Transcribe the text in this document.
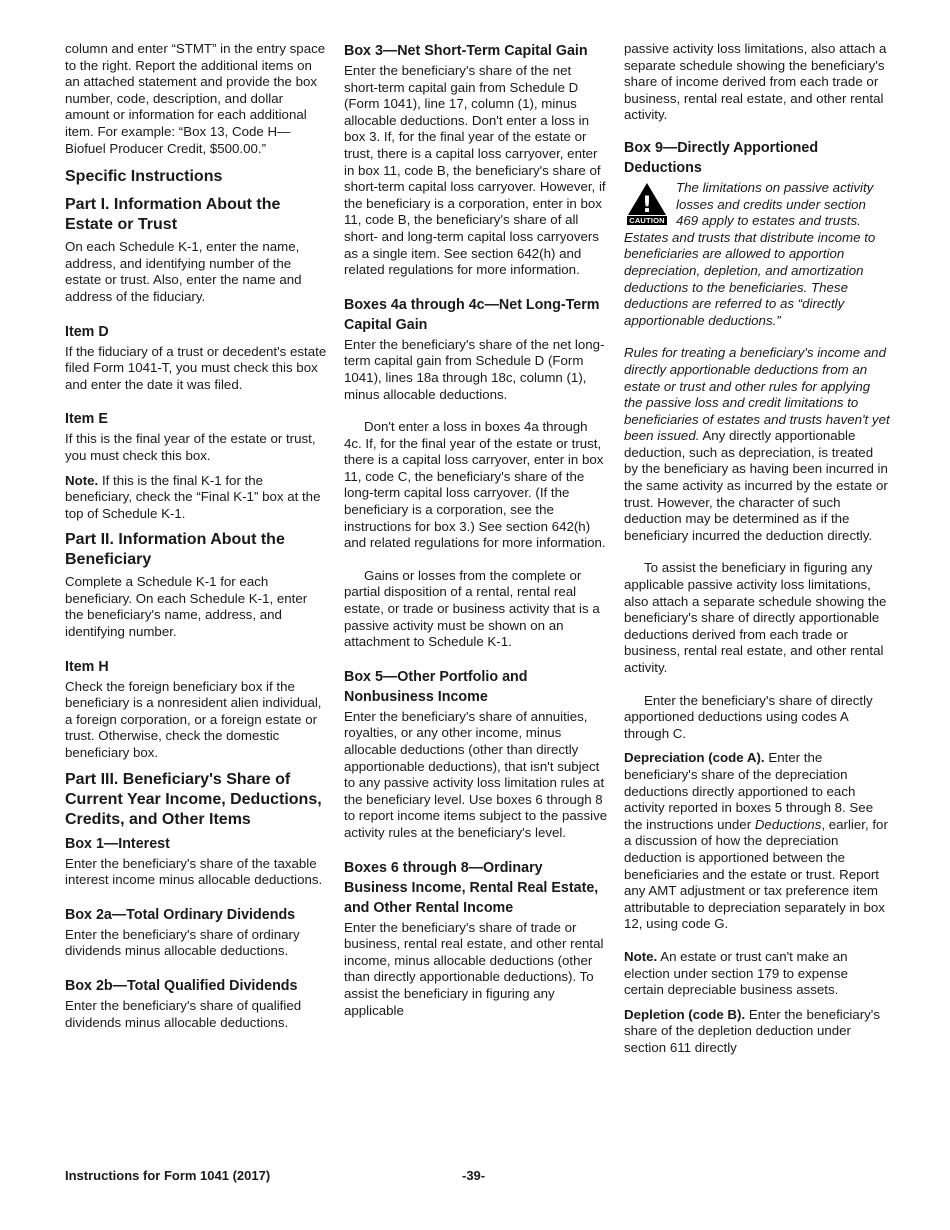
column and enter “STMT” in the entry space to the right. Report the additional items on an attached statement and provide the box number, code, description, and dollar amount or information for each additional item. For example: “Box 13, Code H—Biofuel Producer Credit, $500.00.”

Specific Instructions
Part I. Information About the Estate or Trust

On each Schedule K-1, enter the name, address, and identifying number of the estate or trust. Also, enter the name and address of the fiduciary.

Item D

If the fiduciary of a trust or decedent's estate filed Form 1041-T, you must check this box and enter the date it was filed.

Item E

If this is the final year of the estate or trust, you must check this box.

Note. If this is the final K-1 for the beneficiary, check the “Final K-1” box at the top of Schedule K-1.

Part II. Information About the Beneficiary

Complete a Schedule K-1 for each beneficiary. On each Schedule K-1, enter the beneficiary's name, address, and identifying number.

Item H

Check the foreign beneficiary box if the beneficiary is a nonresident alien individual, a foreign corporation, or a foreign estate or trust. Otherwise, check the domestic beneficiary box.

Part III. Beneficiary's Share of Current Year Income, Deductions, Credits, and Other Items
Box 1—Interest

Enter the beneficiary's share of the taxable interest income minus allocable deductions.

Box 2a—Total Ordinary Dividends

Enter the beneficiary's share of ordinary dividends minus allocable deductions.

Box 2b—Total Qualified Dividends

Enter the beneficiary's share of qualified dividends minus allocable deductions.

Box 3—Net Short-Term Capital Gain

Enter the beneficiary's share of the net short-term capital gain from Schedule D (Form 1041), line 17, column (1), minus allocable deductions. Don't enter a loss in box 3. If, for the final year of the estate or trust, there is a capital loss carryover, enter in box 11, code B, the beneficiary's share of short-term capital loss carryover. However, if the beneficiary is a corporation, enter in box 11, code B, the beneficiary's share of all short- and long-term capital loss carryovers as a single item. See section 642(h) and related regulations for more information.

Boxes 4a through 4c—Net Long-Term Capital Gain

Enter the beneficiary's share of the net long-term capital gain from Schedule D (Form 1041), lines 18a through 18c, column (1), minus allocable deductions.

Don't enter a loss in boxes 4a through 4c. If, for the final year of the estate or trust, there is a capital loss carryover, enter in box 11, code C, the beneficiary's share of the long-term capital loss carryover. (If the beneficiary is a corporation, see the instructions for box 3.) See section 642(h) and related regulations for more information.

Gains or losses from the complete or partial disposition of a rental, rental real estate, or trade or business activity that is a passive activity must be shown on an attachment to Schedule K-1.

Box 5—Other Portfolio and Nonbusiness Income

Enter the beneficiary's share of annuities, royalties, or any other income, minus allocable deductions (other than directly apportionable deductions), that isn't subject to any passive activity loss limitation rules at the beneficiary level. Use boxes 6 through 8 to report income items subject to the passive activity rules at the beneficiary's level.

Boxes 6 through 8—Ordinary Business Income, Rental Real Estate, and Other Rental Income

Enter the beneficiary's share of trade or business, rental real estate, and other rental income, minus allocable deductions (other than directly apportionable deductions). To assist the beneficiary in figuring any applicable

passive activity loss limitations, also attach a separate schedule showing the beneficiary's share of income derived from each trade or business, rental real estate, and other rental activity.

Box 9—Directly Apportioned Deductions
!
CAUTION
The limitations on passive activity losses and credits under section 469 apply to estates and trusts. Estates and trusts that distribute income to beneficiaries are allowed to apportion depreciation, depletion, and amortization deductions to the beneficiaries. These deductions are referred to as “directly apportionable deductions.”

Rules for treating a beneficiary's income and directly apportionable deductions from an estate or trust and other rules for applying the passive loss and credit limitations to beneficiaries of estates and trusts haven't yet been issued. Any directly apportionable deduction, such as depreciation, is treated by the beneficiary as having been incurred in the same activity as incurred by the estate or trust. However, the character of such deduction may be determined as if the beneficiary incurred the deduction directly.

To assist the beneficiary in figuring any applicable passive activity loss limitations, also attach a separate schedule showing the beneficiary's share of directly apportionable deductions derived from each trade or business, rental real estate, and other rental activity.

Enter the beneficiary's share of directly apportioned deductions using codes A through C.

Depreciation (code A). Enter the beneficiary's share of the depreciation deductions directly apportioned to each activity reported in boxes 5 through 8. See the instructions under Deductions, earlier, for a discussion of how the depreciation deduction is apportioned between the beneficiaries and the estate or trust. Report any AMT adjustment or tax preference item attributable to depreciation separately in box 12, using code G.

Note. An estate or trust can't make an election under section 179 to expense certain depreciable business assets.

Depletion (code B). Enter the beneficiary's share of the depletion deduction under section 611 directly

Instructions for Form 1041 (2017)	-39-
